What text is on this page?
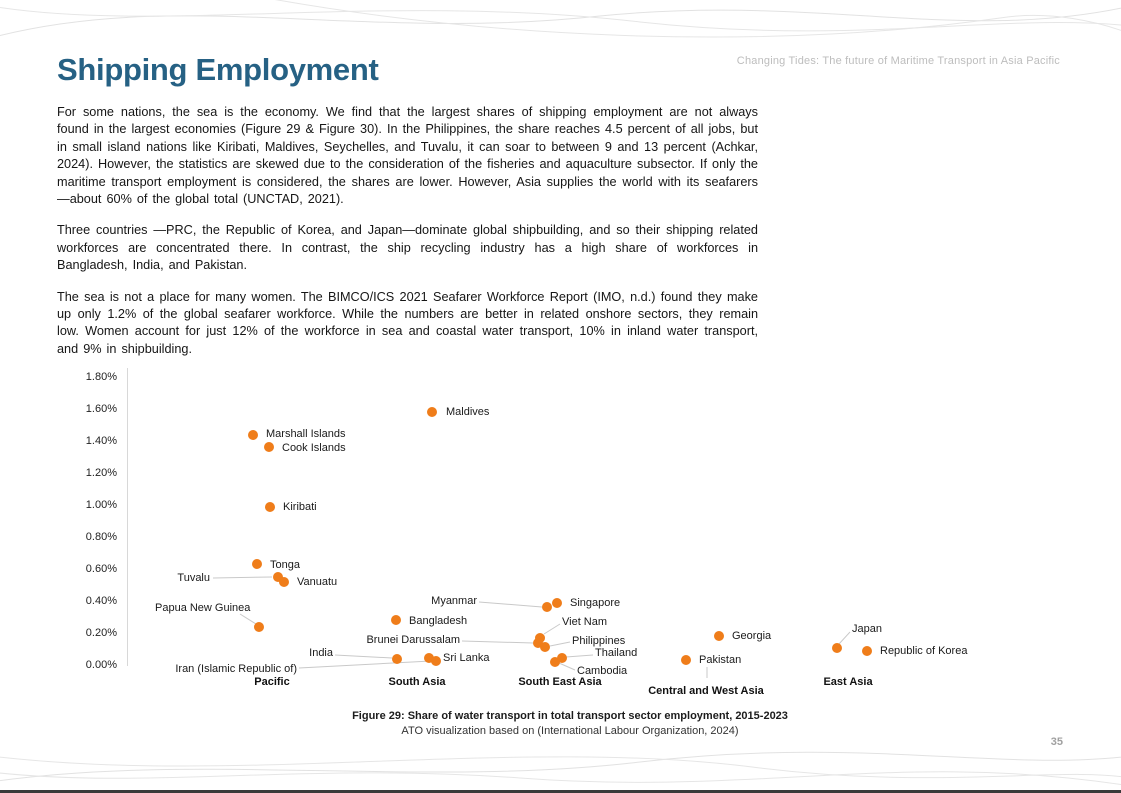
Changing Tides: The future of Maritime Transport in Asia Pacific
Shipping Employment

For some nations, the sea is the economy. We find that the largest shares of shipping employment are not always found in the largest economies (Figure 29 & Figure 30). In the Philippines, the share reaches 4.5 percent of all jobs, but in small island nations like Kiribati, Maldives, Seychelles, and Tuvalu, it can soar to between 9 and 13 percent (Achkar, 2024). However, the statistics are skewed due to the consideration of the fisheries and aquaculture subsector. If only the maritime transport employment is considered, the shares are lower. However, Asia supplies the world with its seafarers—about 60% of the global total (UNCTAD, 2021).

Three countries —PRC, the Republic of Korea, and Japan—dominate global shipbuilding, and so their shipping related workforces are concentrated there. In contrast, the ship recycling industry has a high share of workforces in Bangladesh, India, and Pakistan.

The sea is not a place for many women. The BIMCO/ICS 2021 Seafarer Workforce Report (IMO, n.d.) found they make up only 1.2% of the global seafarer workforce. While the numbers are better in related onshore sectors, they remain low. Women account for just 12% of the workforce in sea and coastal water transport, 10% in inland water transport, and 9% in shipbuilding.

1.80%
1.60%
1.40%
1.20%
1.00%
0.80%
0.60%
0.40%
0.20%
0.00%
Marshall Islands
Cook Islands
Kiribati
Tonga
Tuvalu	Vanuatu
Papua New Guinea
Maldives
Bangladesh
India	Sri Lanka
Iran (Islamic Republic of)
Singapore
Myanmar
Viet Nam
Brunei Darussalam	Philippines
Thailand
Cambodia
Georgia
Pakistan
Japan
Republic of Korea
Pacific	South Asia	South East Asia
Central and West Asia
East Asia

Figure 29: Share of water transport in total transport sector employment, 2015-2023

ATO visualization based on (International Labour Organization, 2024)

35
